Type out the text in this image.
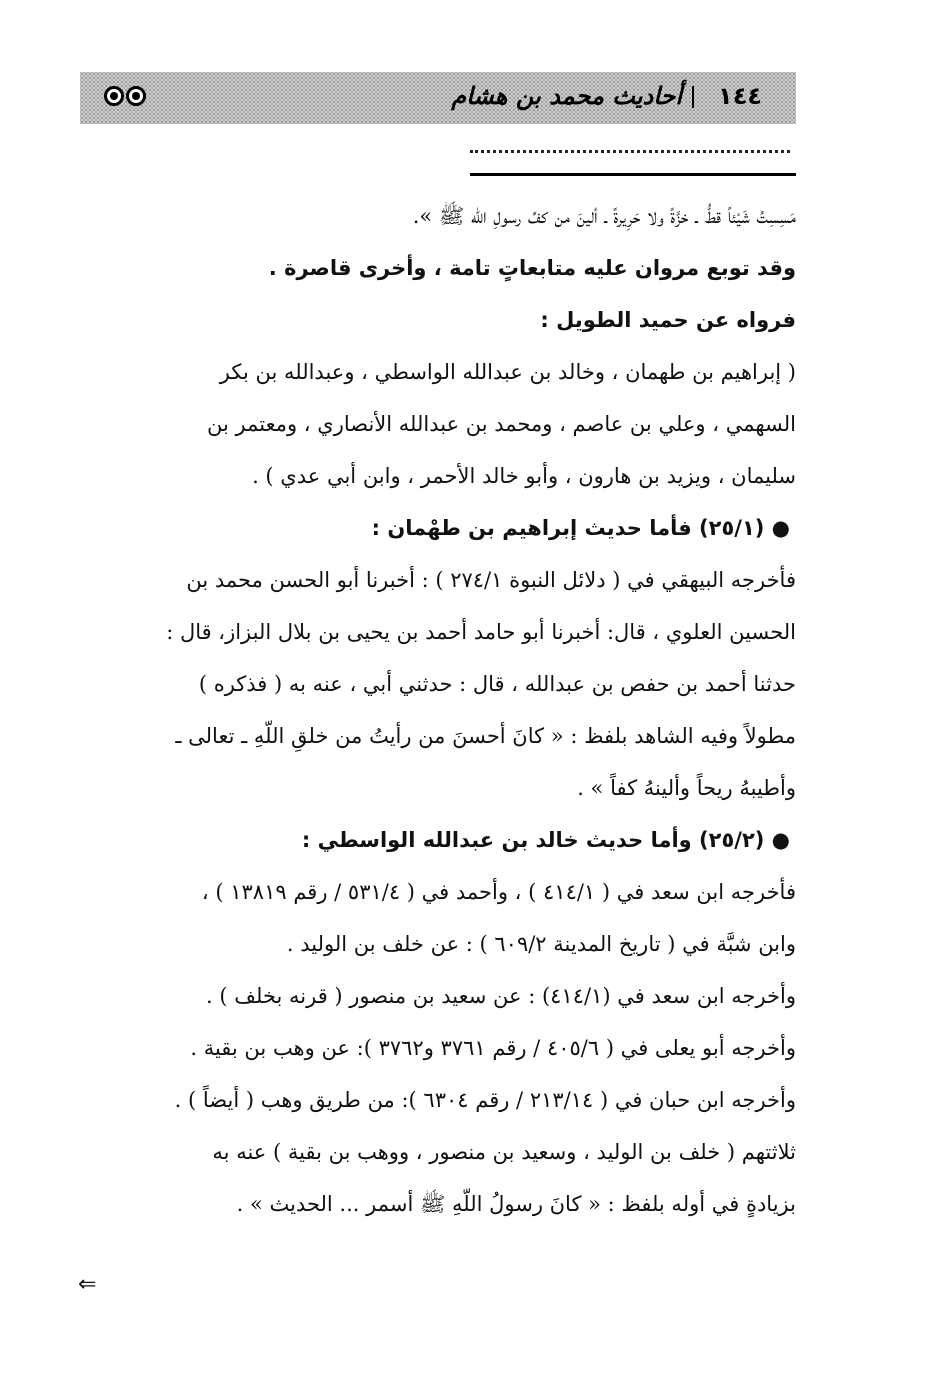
١٤٤أحاديث محمد بن هشام
مَسِسِتُ شَيْئاً قطُّ ـ خزَّةً ولا حَرِيرةً ـ ألينَ من كفِّ رسولِ اللّه ﷺ ».
وقد توبع مروان عليه متابعاتٍ تامة ، وأخرى قاصرة .
فرواه عن حميد الطويل :
( إبراهيم بن طهمان ، وخالد بن عبدالله الواسطي ، وعبدالله بن بكر
السهمي ، وعلي بن عاصم ، ومحمد بن عبدالله الأنصاري ، ومعتمر بن
سليمان ، ويزيد بن هارون ، وأبو خالد الأحمر ، وابن أبي عدي ) .
● (٢٥/١) فأما حديث إبراهيم بن طهْمان :
فأخرجه البيهقي في ( دلائل النبوة ٢٧٤/١ ) : أخبرنا أبو الحسن محمد بن
الحسين العلوي ، قال: أخبرنا أبو حامد أحمد بن يحيى بن بلال البزاز، قال :
حدثنا أحمد بن حفص بن عبدالله ، قال : حدثني أبي ، عنه به ( فذكره )
مطولاً وفيه الشاهد بلفظ : « كانَ أحسنَ من رأيتُ من خلقِ اللّهِ ـ تعالى ـ
وأطيبهُ ريحاً وألينهُ كفاً » .
● (٢٥/٢) وأما حديث خالد بن عبدالله الواسطي :
فأخرجه ابن سعد في ( ٤١٤/١ ) ، وأحمد في ( ٥٣١/٤ / رقم ١٣٨١٩ ) ،
وابن شبَّة في ( تاريخ المدينة ٦٠٩/٢ ) : عن خلف بن الوليد .
وأخرجه ابن سعد في (٤١٤/١) : عن سعيد بن منصور ( قرنه بخلف ) .
وأخرجه أبو يعلى في ( ٤٠٥/٦ / رقم ٣٧٦١ و٣٧٦٢ ): عن وهب بن بقية .
وأخرجه ابن حبان في ( ٢١٣/١٤ / رقم ٦٣٠٤ ): من طريق وهب ( أيضاً ) .
ثلاثتهم ( خلف بن الوليد ، وسعيد بن منصور ، ووهب بن بقية ) عنه به
بزيادةٍ في أوله بلفظ : « كانَ رسولُ اللّهِ ﷺ أسمر ... الحديث » .
⇐
